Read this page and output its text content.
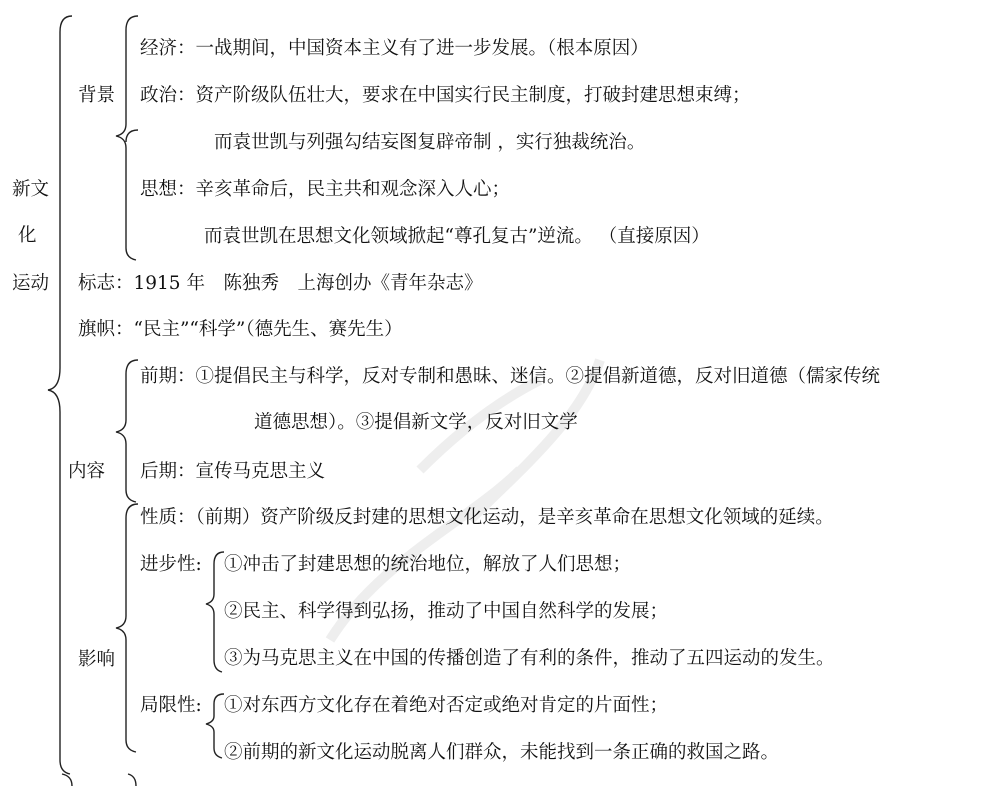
新文
化
运动
背景
经济：一战期间，中国资本主义有了进一步发展。（根本原因）
政治：资产阶级队伍壮大，要求在中国实行民主制度，打破封建思想束缚；
而袁世凯与列强勾结妄图复辟帝制 ，实行独裁统治。
思想：辛亥革命后，民主共和观念深入人心；
而袁世凯在思想文化领域掀起“尊孔复古”逆流。 （直接原因）
标志：1915 年　陈独秀　上海创办《青年杂志》
旗帜：“民主”“科学”（德先生、赛先生）
内容
前期：①提倡民主与科学，反对专制和愚昧、迷信。②提倡新道德，反对旧道德（儒家传统
道德思想）。③提倡新文学，反对旧文学
后期：宣传马克思主义
影响
性质：（前期）资产阶级反封建的思想文化运动，是辛亥革命在思想文化领域的延续。
进步性: ①冲击了封建思想的统治地位，解放了人们思想；
②民主、科学得到弘扬，推动了中国自然科学的发展；
③为马克思主义在中国的传播创造了有利的条件，推动了五四运动的发生。
局限性: ①对东西方文化存在着绝对否定或绝对肯定的片面性；
②前期的新文化运动脱离人们群众，未能找到一条正确的救国之路。
